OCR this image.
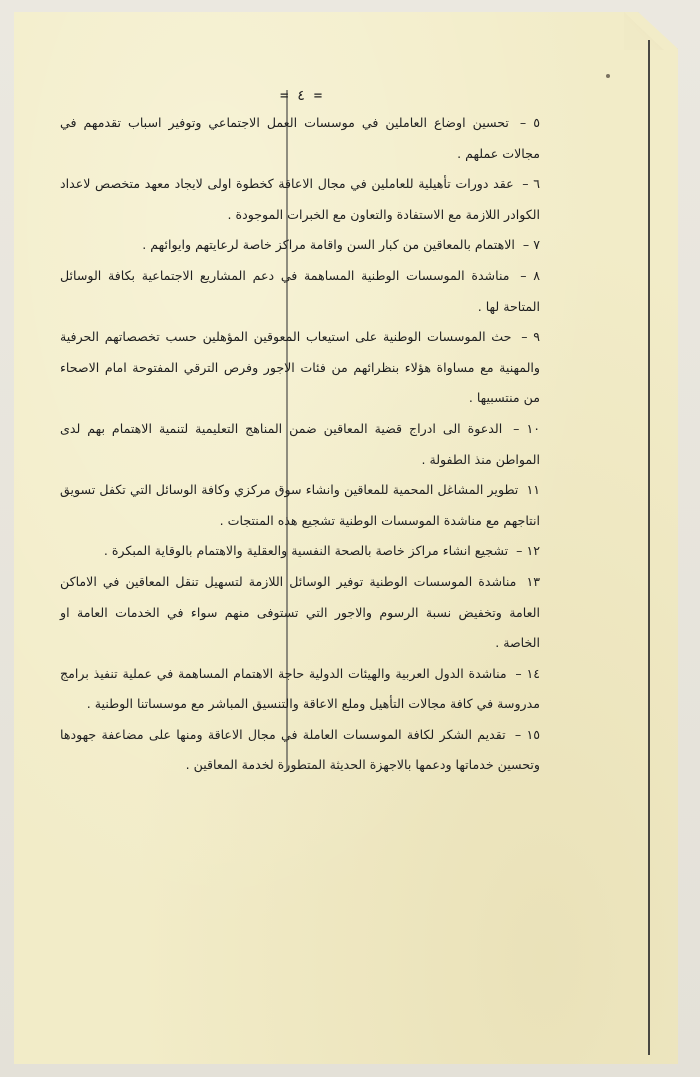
= ٤ =

٥ – تحسين اوضاع العاملين في موسسات العمل الاجتماعي وتوفير اسباب تقدمهم في مجالات عملهم .

٦ – عقد دورات تأهيلية للعاملين في مجال الاعاقة كخطوة اولى لايجاد معهد متخصص لاعداد الكوادر اللازمة مع الاستفادة والتعاون مع الخبرات الموجودة .

٧ – الاهتمام بالمعاقين من كبار السن واقامة مراكز خاصة لرعايتهم وايوائهم .

٨ – مناشدة الموسسات الوطنية المساهمة في دعم المشاريع الاجتماعية بكافة الوسائل المتاحة لها .

٩ – حث الموسسات الوطنية على استيعاب المعوقين المؤهلين حسب تخصصاتهم الحرفية والمهنية مع مساواة هؤلاء بنظرائهم من فئات الاجور وفرص الترقي المفتوحة امام الاصحاء من منتسبيها .

١٠ – الدعوة الى ادراج قضية المعاقين ضمن المناهج التعليمية لتنمية الاهتمام بهم لدى المواطن منذ الطفولة .

١١ تطوير المشاغل المحمية للمعاقين وانشاء سوق مركزي وكافة الوسائل التي تكفل تسويق انتاجهم مع مناشدة الموسسات الوطنية تشجيع هذه المنتجات .

١٢ – تشجيع انشاء مراكز خاصة بالصحة النفسية والعقلية والاهتمام بالوقاية المبكرة .

١٣ مناشدة الموسسات الوطنية توفير الوسائل اللازمة لتسهيل تنقل المعاقين في الاماكن العامة وتخفيض نسبة الرسوم والاجور التي تستوفى منهم سواء في الخدمات العامة او الخاصة .

١٤ – مناشدة الدول العربية والهيئات الدولية حاجة الاهتمام المساهمة في عملية تنفيذ برامج مدروسة في كافة مجالات التأهيل وملع الاعاقة والتنسيق المباشر مع موسساتنا الوطنية .

١٥ – تقديم الشكر لكافة الموسسات العاملة في مجال الاعاقة ومنها على مضاعفة جهودها وتحسين خدماتها ودعمها بالاجهزة الحديثة المتطورة لخدمة المعاقين .
